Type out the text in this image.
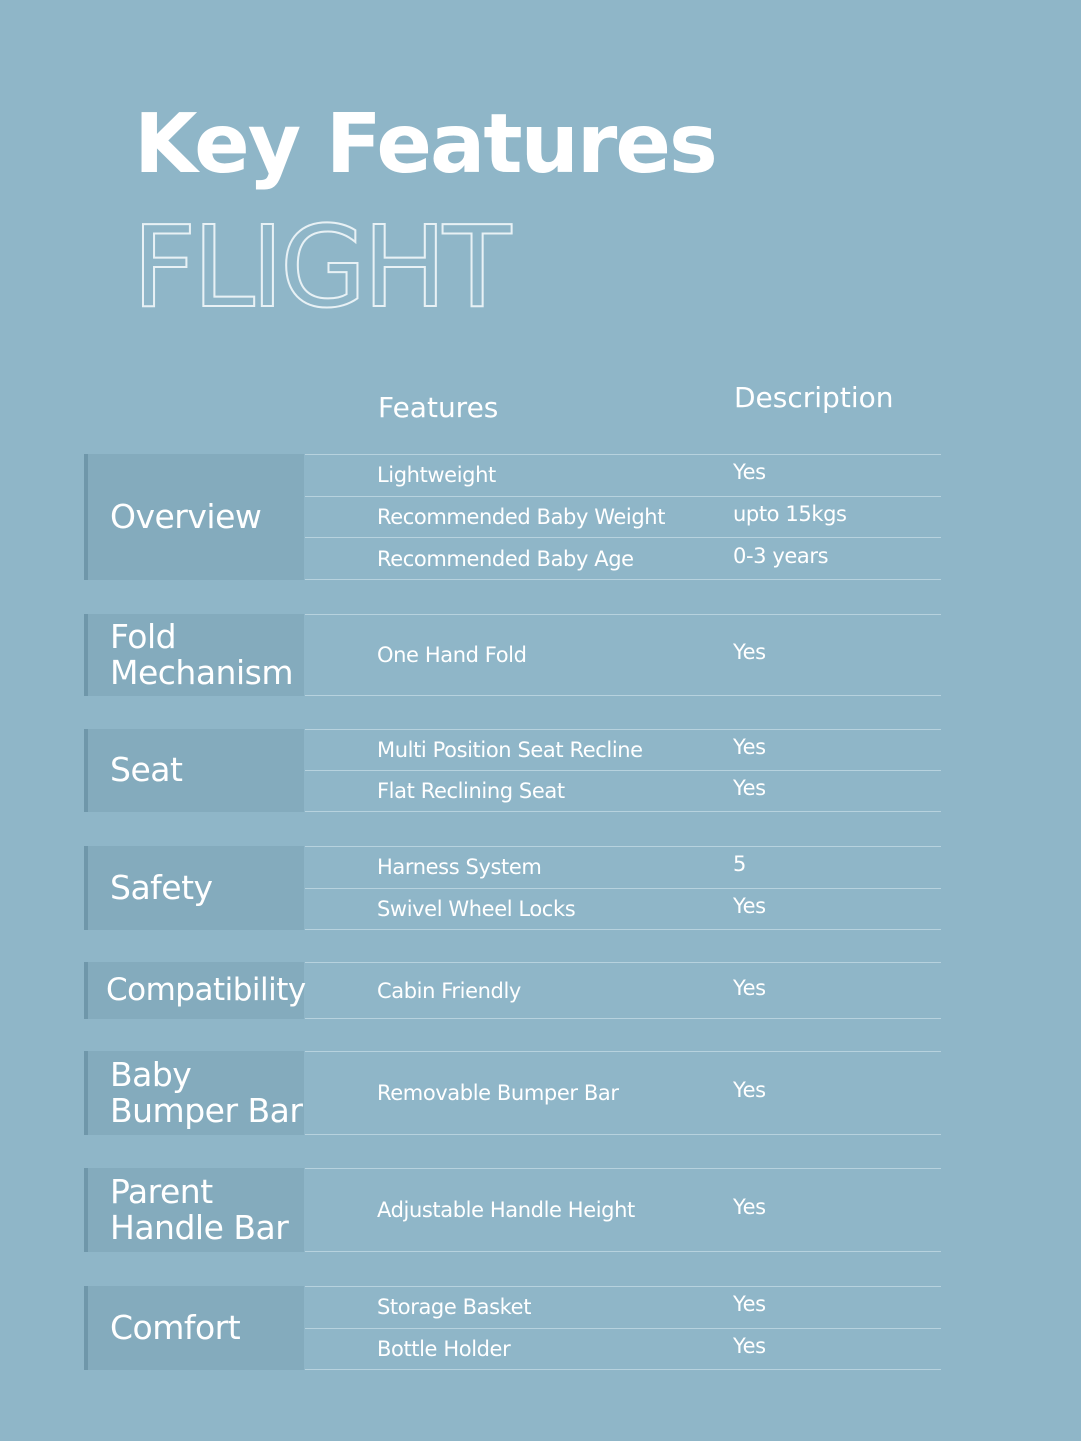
Key Features
FLIGHT
Features	Description
Overview
Lightweight	Yes
Recommended Baby Weight	upto 15kgs
Recommended Baby Age	0-3 years
Fold Mechanism	One Hand Fold	Yes
Seat
Multi Position Seat Recline	Yes
Flat Reclining Seat	Yes
Safety
Harness System	5
Swivel Wheel Locks	Yes
Compatibility	Cabin Friendly	Yes
Baby Bumper Bar	Removable Bumper Bar	Yes
Parent Handle Bar	Adjustable Handle Height	Yes
Comfort
Storage Basket	Yes
Bottle Holder	Yes
